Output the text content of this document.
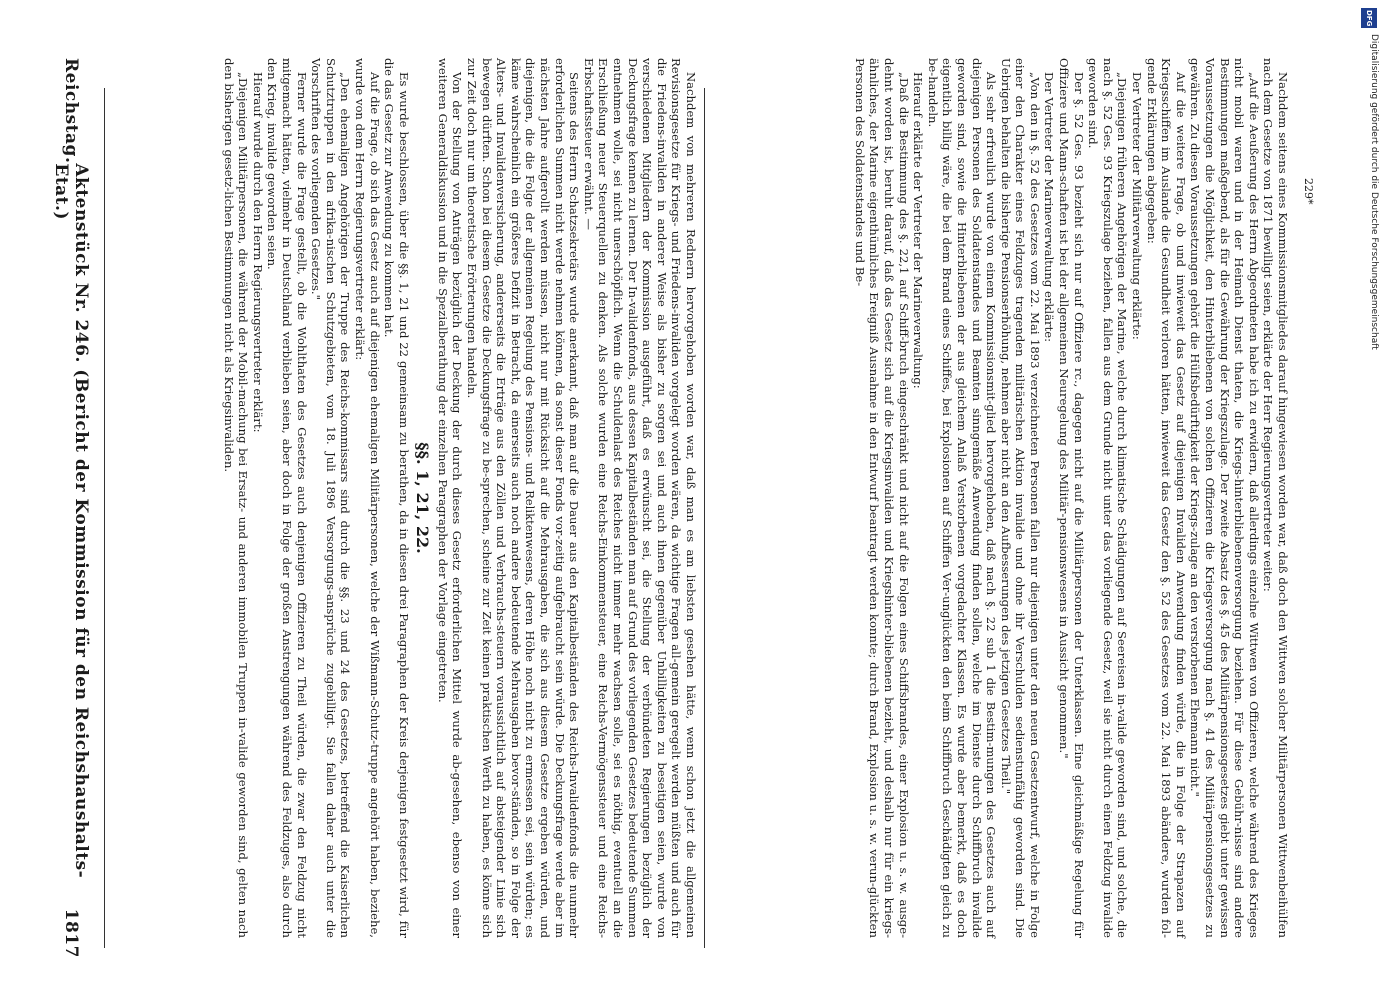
Reichstag.
Aktenstück Nr. 246. (Bericht der Kommission für den Reichshaushalts-Etat.)
1817	Nachdem von mehreren Rednern hervorgehoben worden war, daß man es am liebsten gesehen hätte, wenn schon jetzt die allgemeinen Revisionsgesetze für Kriegs- und Friedens-invaliden vorgelegt worden wären, da wichtige Fragen all-gemein geregelt werden müßten und auch für die Friedens-invaliden in anderer Weise als bisher zu sorgen sei und auch ihnen gegenüber Unbilligkeiten zu beseitigen seien, wurde von verschiedenen Mitgliedern der Kommission ausgeführt, daß es erwünscht sei, die Stellung der verbündeten Regierungen bezüglich der Deckungsfrage kennen zu lernen. Der In-validenfonds, aus dessen Kapitalbeständen man auf Grund des vorliegenden Gesetzes bedeutende Summen entnehmen wolle, sei nicht unerschöpflich. Wenn die Schuldenlast des Reiches nicht immer mehr wachsen solle, sei es nöthig, eventuell an die Erschließung neuer Steuerquellen zu denken. Als solche wurden eine Reichs-Einkommensteuer, eine Reichs-Vermögenssteuer und eine Reichs-Erbschaftssteuer erwähnt. —

Seitens des Herrn Schatzsekretärs wurde anerkannt, daß man auf die Dauer aus den Kapitalbeständen des Reichs-Invalidenfonds die nunmehr erforderlichen Summen nicht werde nehmen können, da sonst dieser Fonds vor-zeitig aufgebraucht sein würde. Die Deckungsfrage werde aber im nächsten Jahre aufgerollt werden müssen, nicht nur mit Rücksicht auf die Mehrausgaben, die sich aus diesem Gesetze ergeben würden, und diejenigen, die die Folge der allgemeinen Regelung des Pensions- und Reliktenwesens, deren Höhe noch nicht zu ermessen sei, sein würden; es käme wahrscheinlich ein größeres Defizit in Betracht, da einerseits auch noch andere bedeutende Mehrausgaben bevor-ständen, so in Folge der Alters- und Invalidenversicherung, andererseits die Erträge aus den Zöllen und Verbrauchs-steuern voraussichtlich auf absteigender Linie sich bewegen dürften. Schon bei diesem Gesetze die Deckungsfrage zu be-sprechen, scheine zur Zeit keinen praktischen Werth zu haben, es könne sich zur Zeit doch nur um theoretische Erörterungen handeln.

Von der Stellung von Anträgen bezüglich der Deckung der durch dieses Gesetz erforderlichen Mittel wurde ab-gesehen, ebenso von einer weiteren Generaldiskussion und in die Spezialberathung der einzelnen Paragraphen der Vorlage eingetreten.

§§. 1, 21, 22.

Es wurde beschlossen, über die §§. 1, 21 und 22 gemeinsam zu berathen, da in diesen drei Paragraphen der Kreis derjenigen festgesetzt wird, für die das Gesetz zur Anwendung zu kommen hat.

Auf die Frage, ob sich das Gesetz auch auf diejenigen ehemaligen Militärpersonen, welche der Wißmann-Schutz-truppe angehört haben, beziehe, wurde von dem Herrn Regierungsvertreter erklärt:

„Den ehemaligen Angehörigen der Truppe des Reichs-kommissars sind durch die §§. 23 und 24 des Gesetzes, betreffend die Kaiserlichen Schutztruppen in den afrika-nischen Schutzgebieten, vom 18. Juli 1896 Versorgungs-ansprüche zugebilligt. Sie fallen daher auch unter die Vorschriften des vorliegenden Gesetzes."

Ferner wurde die Frage gestellt, ob die Wohlthaten des Gesetzes auch denjenigen Offizieren zu Theil würden, die zwar den Feldzug nicht mitgemacht hätten, vielmehr in Deutschland verblieben seien, aber doch in Folge der großen Anstrengungen während des Feldzuges, also durch den Krieg, invalide geworden seien.

Hierauf wurde durch den Herrn Regierungsvertreter erklärt:

„Diejenigen Militärpersonen, die während der Mobil-machung bei Ersatz- und anderen immobilen Truppen in-valide geworden sind, gelten nach den bisherigen gesetz-lichen Bestimmungen nicht als Kriegsinvaliden.	Nachdem seitens eines Kommissionsmitgliedes darauf hingewiesen worden war, daß doch den Wittwen solcher Militärpersonen Wittwenbeihülfen nach dem Gesetze von 1871 bewilligt seien, erklärte der Herr Regierungsvertreter weiter:

„Auf die Aeußerung des Herrn Abgeordneten habe ich zu erwidern, daß allerdings einzelne Wittwen von Offizieren, welche während des Krieges nicht mobil waren und in der Heimath Dienst thaten, die Kriegs-hinterbliebenenversorgung beziehen. Für diese Gebühr-nisse sind andere Bestimmungen maßgebend, als für die Gewährung der Kriegszulage. Der zweite Absatz des §. 45 des Militärpensionsgesetzes giebt unter gewissen Voraussetzungen die Möglichkeit, den Hinterbliebenen von solchen Offizieren die Kriegsversorgung nach §. 41 des Militärpensionsgesetzes zu gewähren. Zu diesen Voraussetzungen gehört die Hülfsbedürftigkeit der Kriegs-zulage an den verstorbenen Ehemann nicht."

Auf die weitere Frage, ob und inwieweit das Gesetz auf diejenigen Invaliden Anwendung finden würde, die in Folge der Strapazen auf Kriegsschiffen im Auslande die Gesundheit verloren hätten, inwieweit das Gesetz den §. 52 des Gesetzes vom 22. Mai 1893 abändere, wurden fol-gende Erklärungen abgegeben:

Der Vertreter der Militärverwaltung erklärte:

„Diejenigen früheren Angehörigen der Marine, welche durch klimatische Schädigungen auf Seereisen in-valide geworden sind, und solche, die nach §. 52 Ges. 93 Kriegszulage beziehen, fallen aus dem Grunde nicht unter das vorliegende Gesetz, weil sie nicht durch einen Feldzug invalide geworden sind.

Der §. 52 Ges. 93 bezieht sich nur auf Offiziere rc., dagegen nicht auf die Militärpersonen der Unterklassen. Eine gleichmäßige Regelung für Offiziere und Mann-schaften ist bei der allgemeinen Neuregelung des Militär-pensionswesens in Aussicht genommen."

Der Vertreter der Marineverwaltung erklärte:

„Von den in §. 52 des Gesetzes vom 22. Mai 1893 verzeichneten Personen fallen nur diejenigen unter den neuen Gesetzentwurf, welche in Folge einer den Charakter eines Feldzuges tragenden militärischen Aktion invalide und ohne ihr Verschulden sedienstunfähig geworden sind. Die Uebrigen behalten die bisherige Pensionserhöhung, nehmen aber nicht an den Aufbesserungen des jetzigen Gesetzes Theil."

Als sehr erfreulich wurde von einem Kommissionsmit-glied hervorgehoben, daß nach §. 22 sub 1 die Bestim-mungen des Gesetzes auch auf diejenigen Personen des Soldatenstandes und Beamten sinngemäße Anwendung finden sollen, welche im Dienste durch Schiffbruch invalide geworden sind, sowie die Hinterbliebenen der aus gleichem Anlaß Verstorbenen vorgedachter Klassen. Es wurde aber bemerkt, daß es doch eigentlich billig wäre, die bei dem Brand eines Schiffes, bei Explosionen auf Schiffen Ver-unglückten den beim Schiffbruch Geschädigten gleich zu be-handeln.

Hierauf erklärte der Vertreter der Marineverwaltung:

„Daß die Bestimmung des §. 22,1 auf Schiff-bruch eingeschränkt und nicht auf die Folgen eines Schiffsbrandes, einer Explosion u. s. w. ausge-dehnt worden ist, beruht darauf, daß das Gesetz sich auf die Kriegsinvaliden und Kriegshinter-bliebenen bezieht, und deshalb nur für ein kriegs-ähnliches, der Marine eigenthümliches Ereigniß Ausnahme in den Entwurf beantragt werden konnte; durch Brand, Explosion u. s. w. verun-glückten Personen des Soldatenstandes und Be-	229*
DFG
Digitalisierung gefördert durch die Deutsche Forschungsgemeinschaft
